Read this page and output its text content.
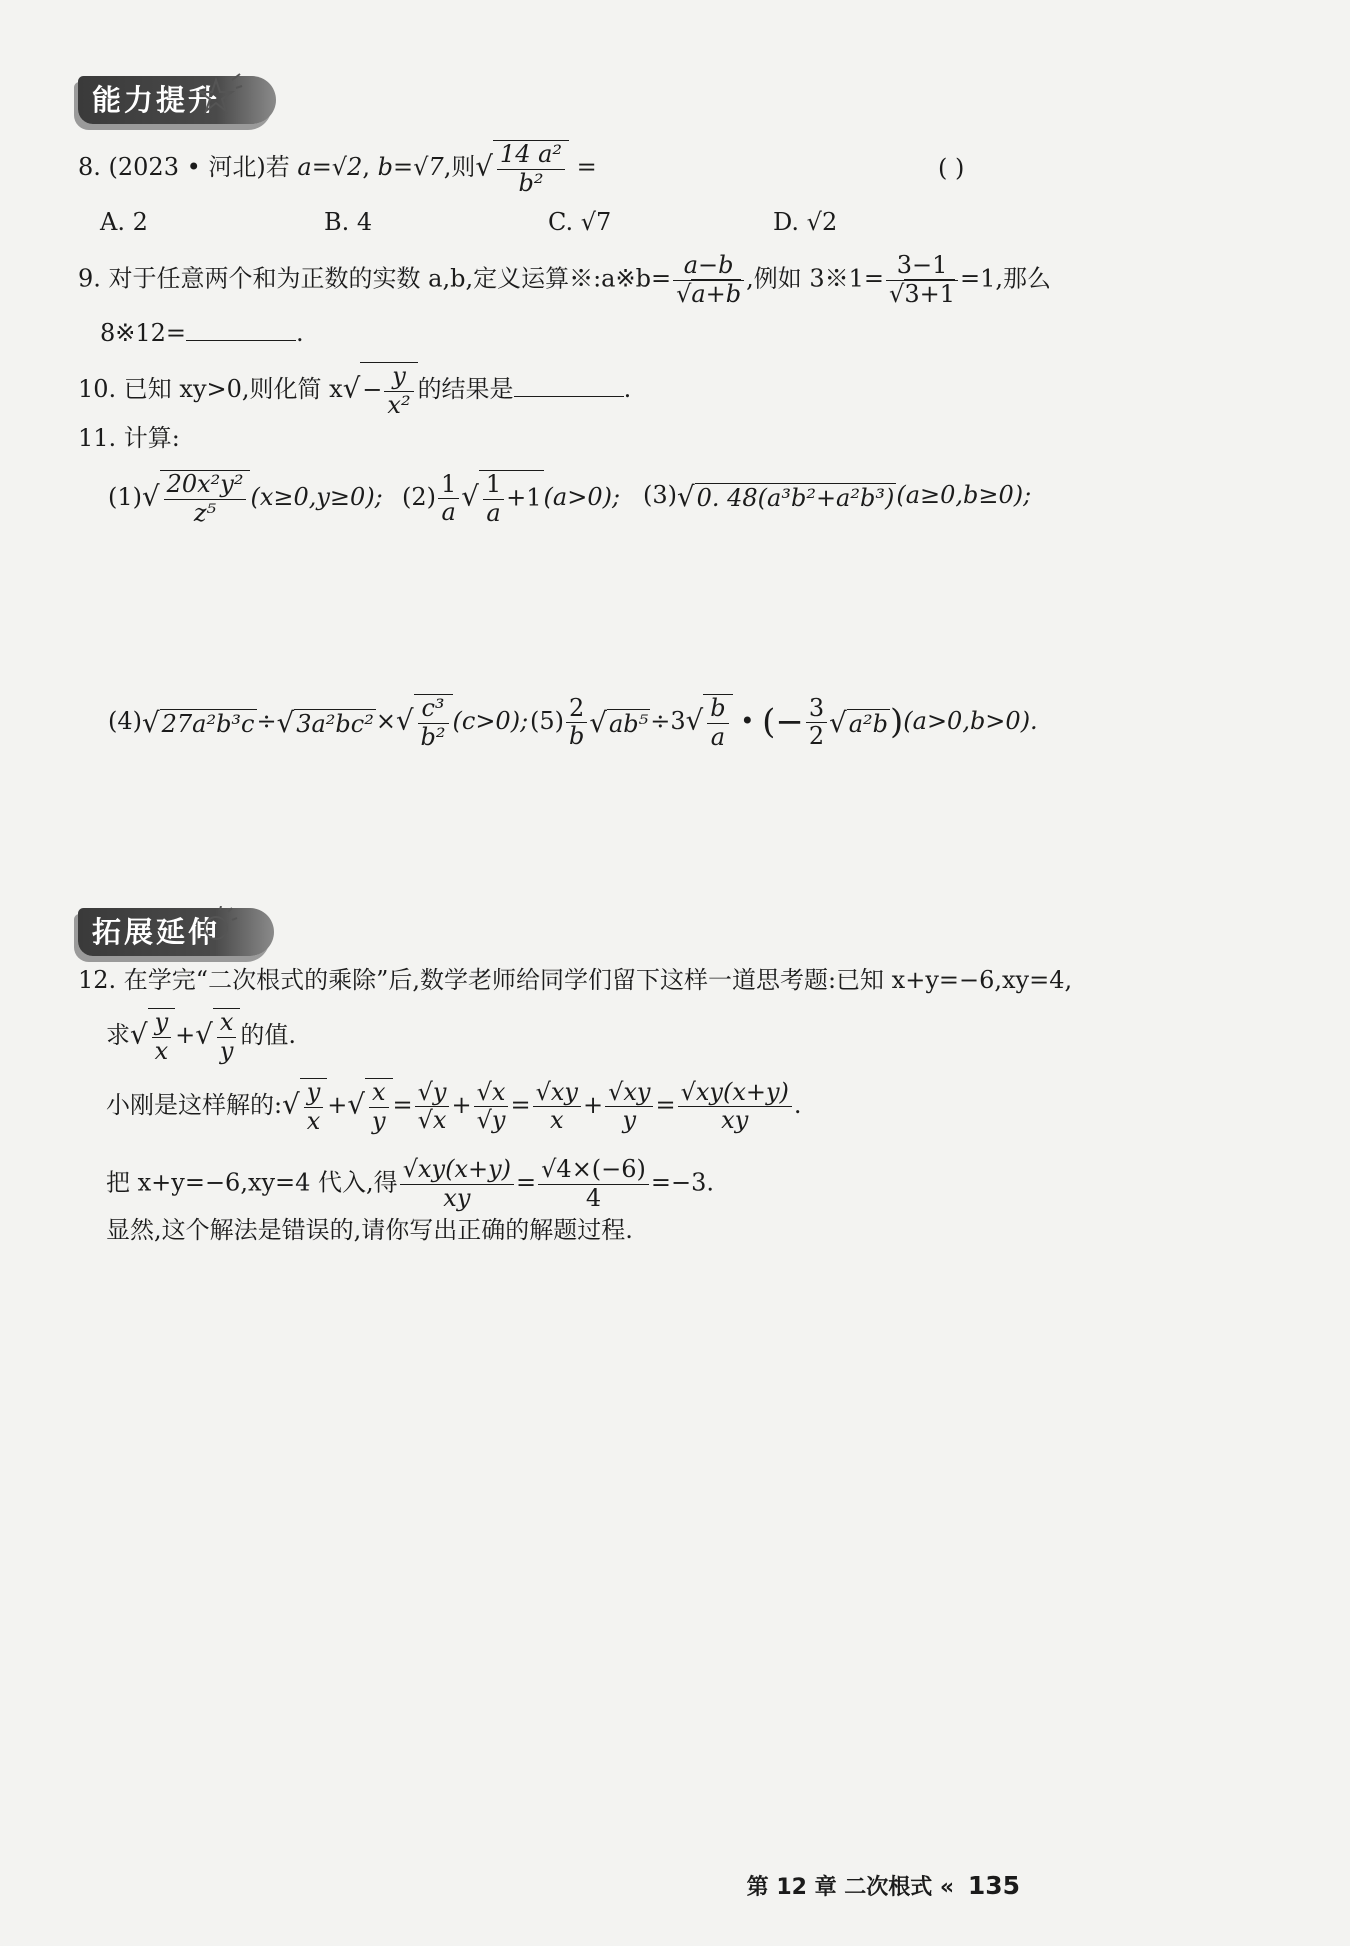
能力提升
8. (2023 • 河北)若 a=√2, b=√7,则√ $\frac{\text{14 a²}}{\text{b²}}$ =	( )
A. 2	B. 4	C. √7	D. √2
9. 对于任意两个和为正数的实数 a,b,定义运算※:a※b= $\frac{a-b}{√a+b}$ ,例如 3※1= $\frac{3-1}{√3+1} =1$,那么
8※12=	.
10. 已知 xy>0,则化简 $x√- \frac{y}{\text{x²}}$ 的结果是	.
11. 计算:
$(1)√ \frac{\text{20x²y²}}{\text{z⁵}} (x\ge 0,y\ge 0)$; $(2) \frac{1}{a}$ √ $\frac{1}{a} +1(a>0)$; (3)√0. 48(a³b²+a²b³)(a≥0,b≥0);
$(4)√27a^2b^3c\div√3a^2bc^2\times√ \frac{\text{c³}}{\text{b²}} (c>0)$; $(5) \frac{2}{b} √ab^5\div 3√ \frac{b}{a}$ • (− $\frac{3}{2} √a^2b)(a>0,b>0)$.
拓展延伸
12. 在学完“二次根式的乘除”后,数学老师给同学们留下这样一道思考题:已知 x+y=−6,xy=4,
求√ $\frac{y}{x}$ +√ $\frac{x}{y}$ 的值.
小刚是这样解的:√ $\frac{y}{x}$ +√ $\frac{x}{y} = \frac{√y}{√x} + \frac{√x}{√y} = \frac{√xy}{x} + \frac{√xy}{y} = \frac{√xy(x+y)}{xy}$ .
把 x+y=−6,xy=4 代入,得 $\frac{√xy(x+y)}{xy} = \frac{√4\times(-6)}{4} =-3$.
显然,这个解法是错误的,请你写出正确的解题过程.
第 12 章 二次根式 « 135
